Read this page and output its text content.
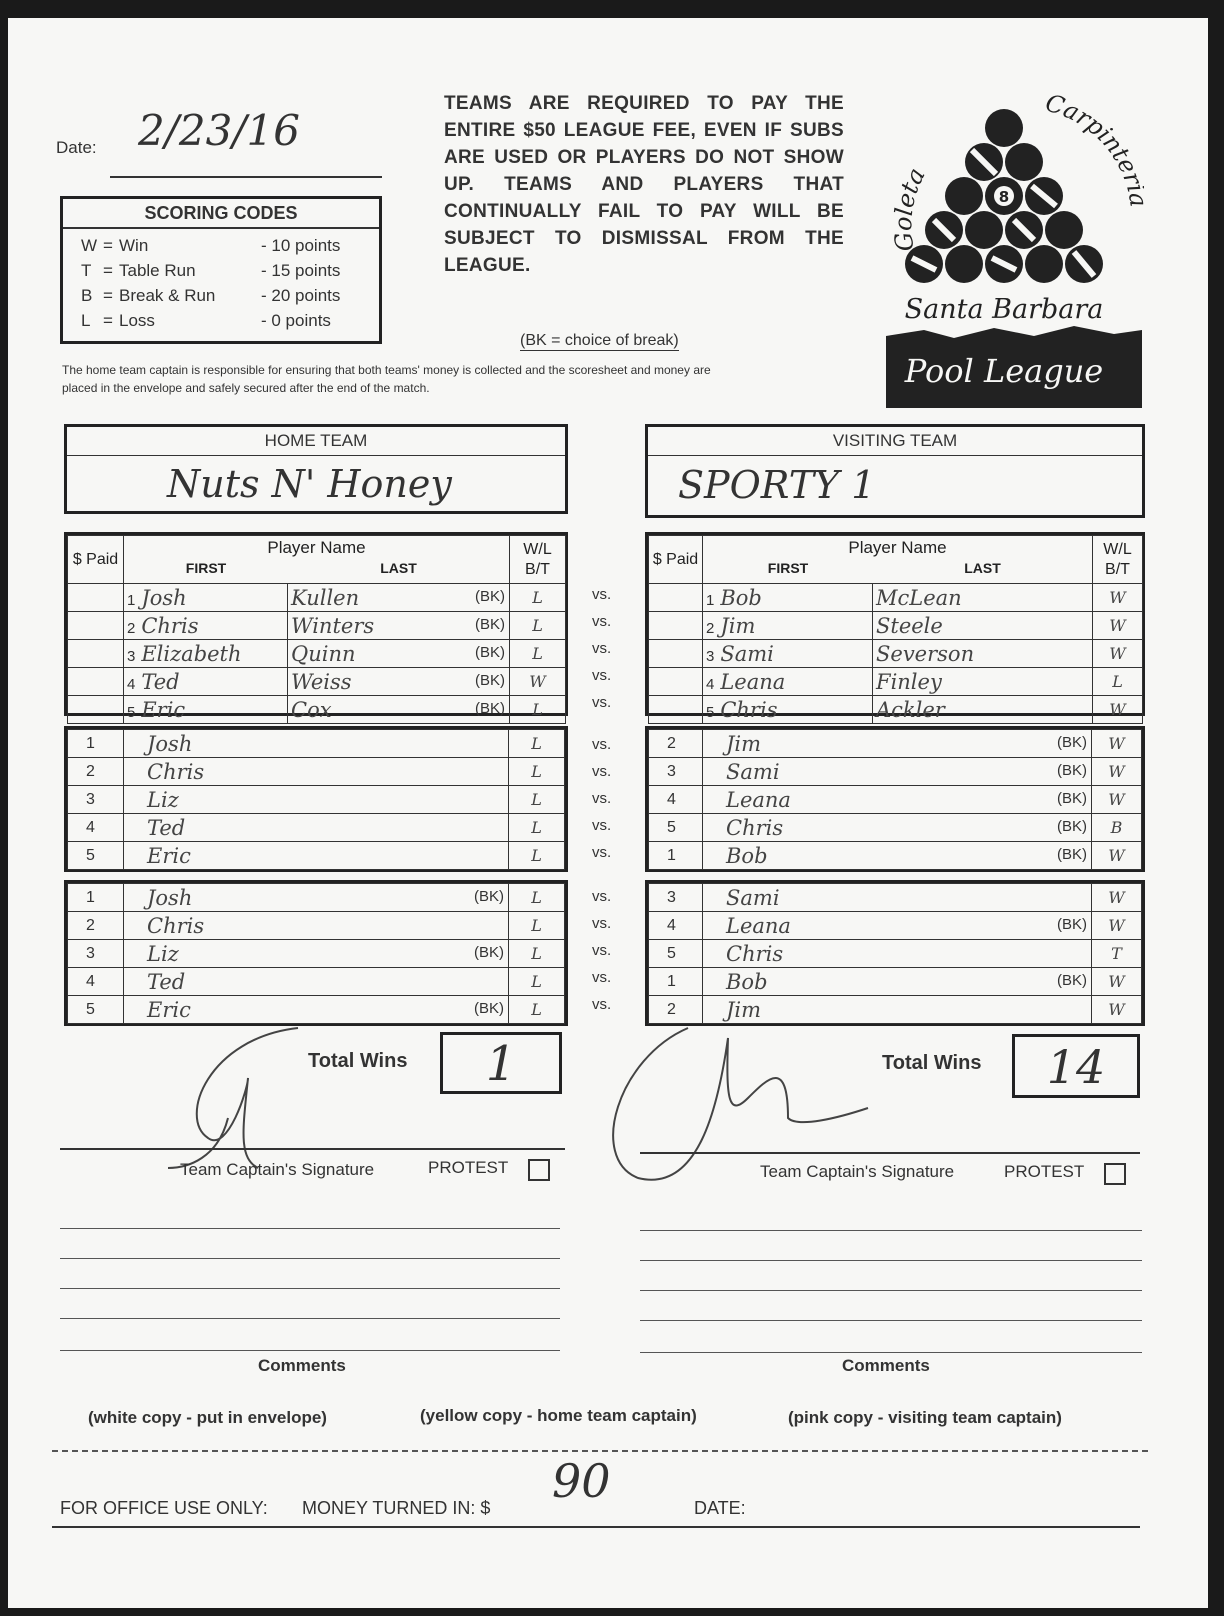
Date: 2/23/16
SCORING CODES
W = Win	- 10 points
T = Table Run	- 15 points
B = Break & Run	- 20 points
L = Loss	- 0 points
TEAMS ARE REQUIRED TO PAY THE ENTIRE $50 LEAGUE FEE, EVEN IF SUBS ARE USED OR PLAYERS DO NOT SHOW UP. TEAMS AND PLAYERS THAT CONTINUALLY FAIL TO PAY WILL BE SUBJECT TO DISMISSAL FROM THE LEAGUE.
(BK = choice of break)
The home team captain is responsible for ensuring that both teams' money is collected and the scoresheet and money are placed in the envelope and safely secured after the end of the match.
8
Goleta
Carpinte
Santa Barbara
Pool League
HOME TEAM
Nuts N' Honey
VISITING TEAM
SPORTY 1
$ Paid	Player Name
FIRST LAST		W/L B/T
	1 Josh	Kullen (BK)	L
	2 Chris	Winters (BK)	L
	3 Elizabeth	Quinn (BK)	L
	4 Ted	Weiss (BK)	W
	5 Eric	Cox (BK)	L
$ Paid	Player Name
FIRST LAST		W/L B/T
	1 Bob	McLean	W
	2 Jim	Steele	W
	3 Sami	Severson	W
	4 Leana	Finley	L
	5 Chris	Ackler	W
1	Josh	L
2	Chris	L
3	Liz	L
4	Ted	L
5	Eric	L
2	Jim (BK)	W
3	Sami (BK)	W
4	Leana (BK)	W
5	Chris (BK)	B
1	Bob (BK)	W
1	Josh (BK)	L
2	Chris	L
3	Liz (BK)	L
4	Ted	L
5	Eric (BK)	L
3	Sami	W
4	Leana (BK)	W
5	Chris	T
1	Bob (BK)	W
2	Jim	W
vs.
vs.
vs.
vs.
vs.
vs.
vs.
vs.
vs.
vs.
vs.
vs.
vs.
vs.
vs.
Total Wins	1	Total Wins	14
Team Captain's Signature	PROTEST	Team Captain's Signature	PROTEST
Comments	Comments
(white copy - put in envelope)	(yellow copy - home team captain)	(pink copy - visiting team captain)
FOR OFFICE USE ONLY: MONEY TURNED IN: $ 90	DATE:
